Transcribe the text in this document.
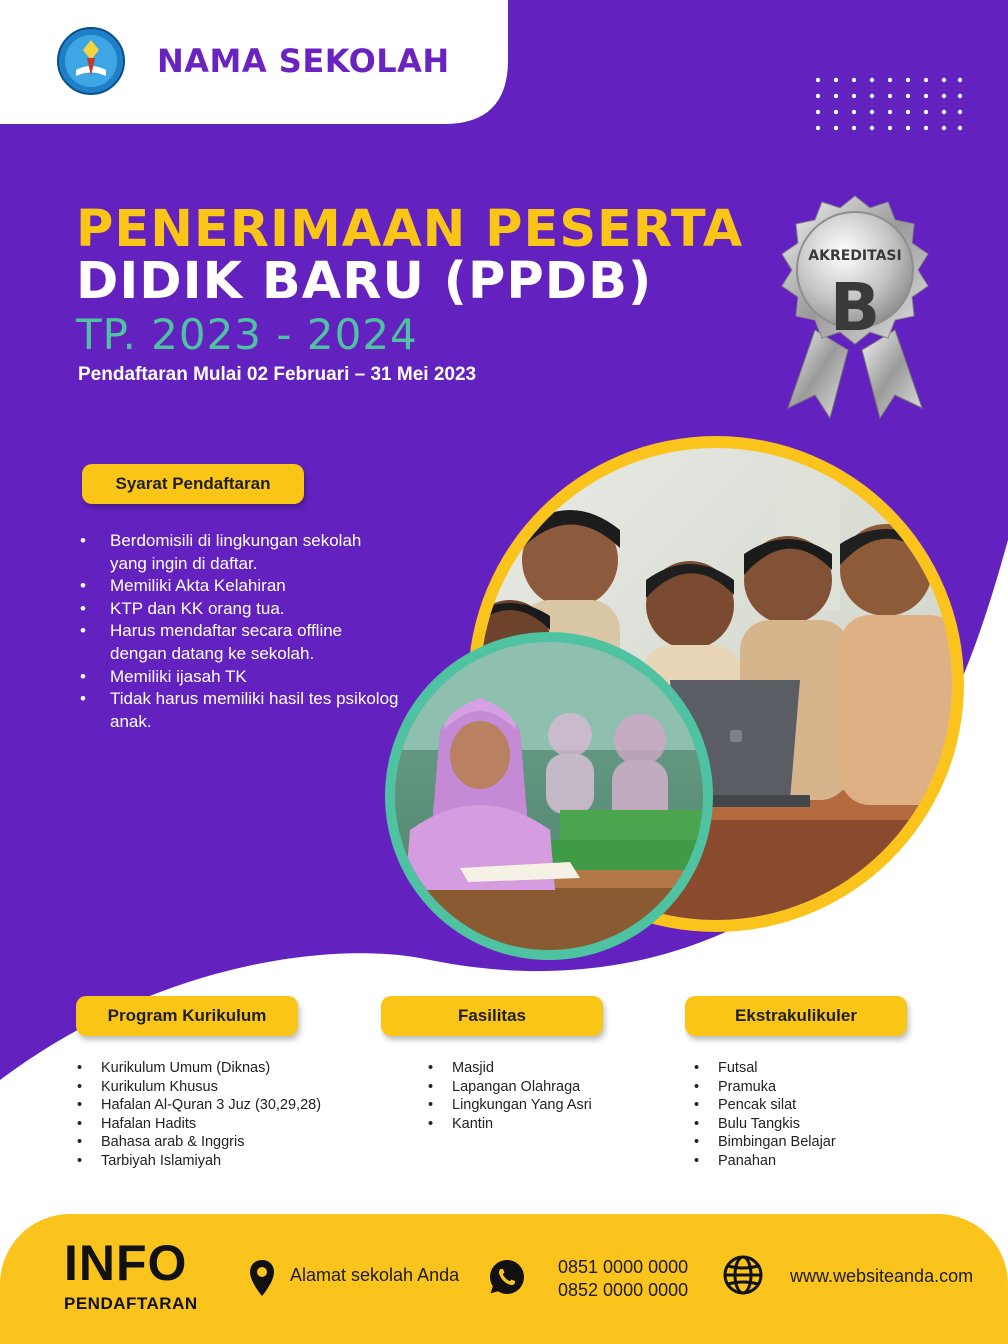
NAMA SEKOLAH
PENERIMAAN PESERTA
DIDIK BARU (PPDB)
TP. 2023 - 2024
Pendaftaran Mulai 02 Februari – 31 Mei 2023
AKREDITASI
B
Syarat Pendaftaran
• Berdomisili di lingkungan sekolah yang ingin di daftar.
• Memiliki Akta Kelahiran
• KTP dan KK orang tua.
• Harus mendaftar secara offline dengan datang ke sekolah.
• Memiliki ijasah TK
• Tidak harus memiliki hasil tes psikolog anak.
Program Kurikulum	Fasilitas	Ekstrakulikuler
• Kurikulum Umum (Diknas)
• Kurikulum Khusus
• Hafalan Al-Quran 3 Juz (30,29,28)
• Hafalan Hadits
• Bahasa arab & Inggris
• Tarbiyah Islamiyah
• Masjid
• Lapangan Olahraga
• Lingkungan Yang Asri
• Kantin
• Futsal
• Pramuka
• Pencak silat
• Bulu Tangkis
• Bimbingan Belajar
• Panahan
INFO
PENDAFTARAN
Alamat sekolah Anda	0851 0000 0000
0852 0000 0000
www.websiteanda.com
